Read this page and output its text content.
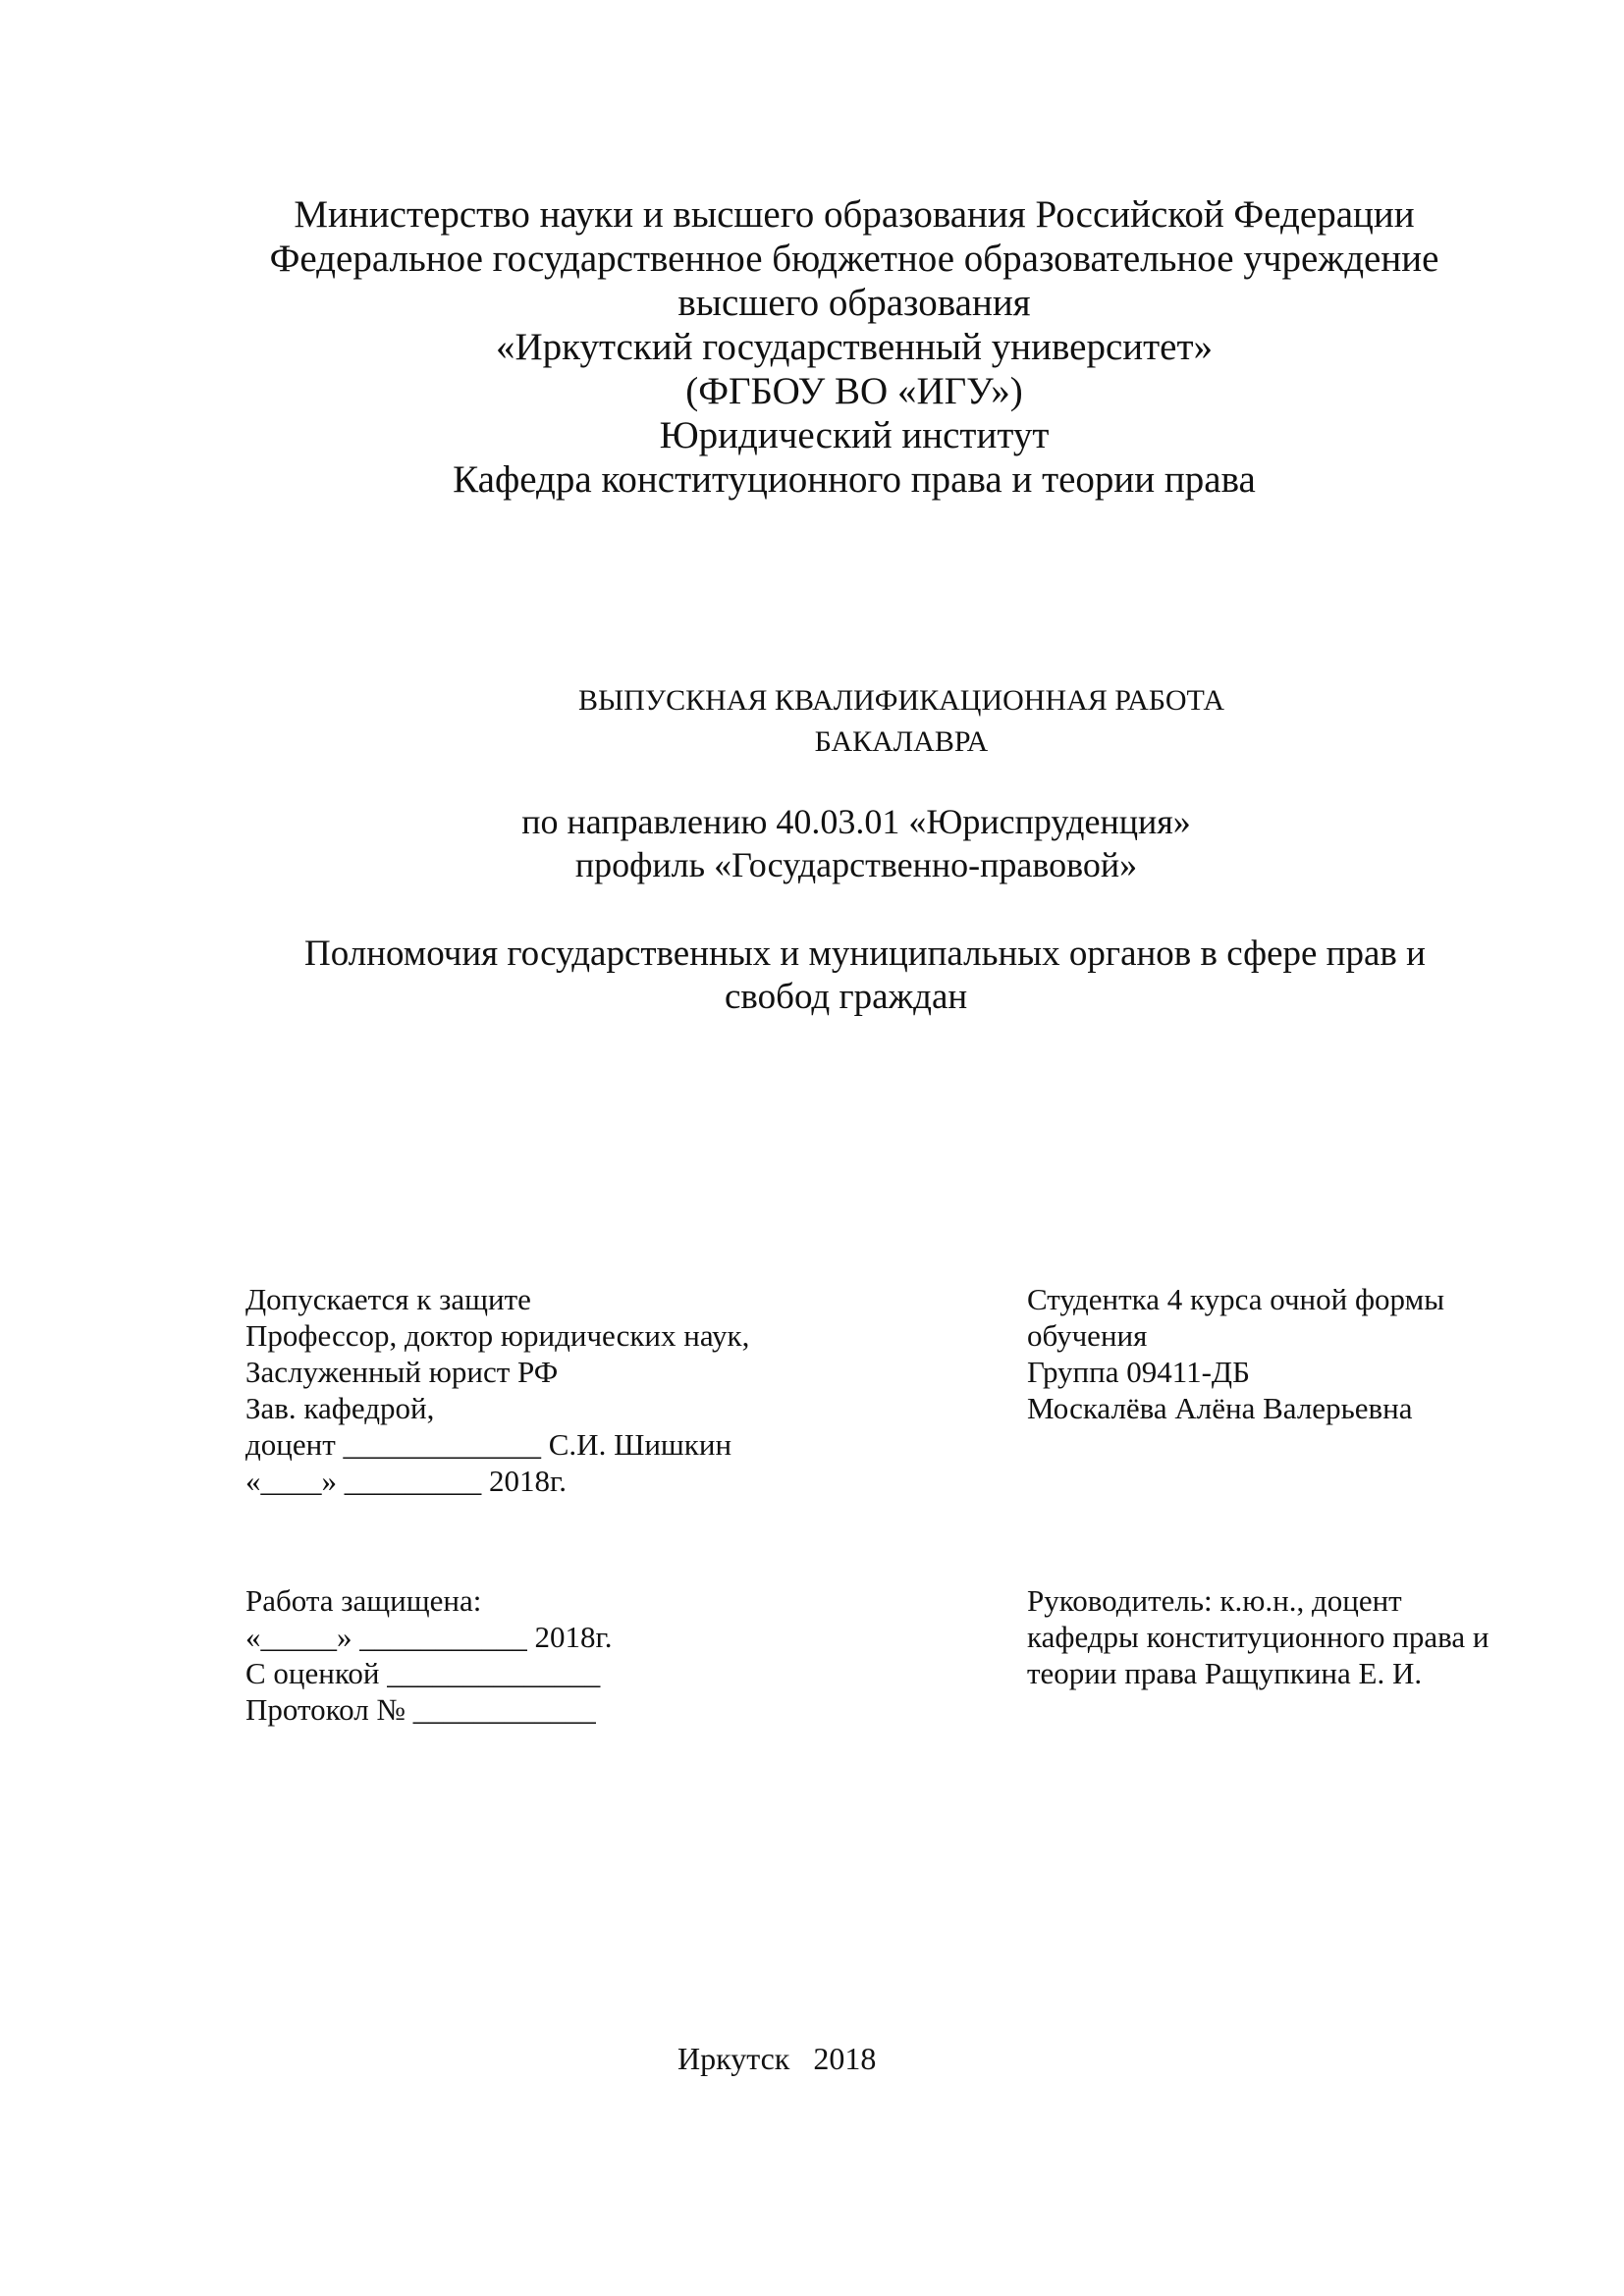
Министерство науки и высшего образования Российской Федерации
Федеральное государственное бюджетное образовательное учреждение
высшего образования
«Иркутский государственный университет»
(ФГБОУ ВО «ИГУ»)
Юридический институт
Кафедра конституционного права и теории права
ВЫПУСКНАЯ КВАЛИФИКАЦИОННАЯ РАБОТА
БАКАЛАВРА
по направлению 40.03.01 «Юриспруденция»
профиль «Государственно-правовой»
Полномочия государственных и муниципальных органов в сфере прав и
свобод граждан
Допускается к защите
Профессор, доктор юридических наук,
Заслуженный юрист РФ
Зав. кафедрой,
доцент _____________ С.И. Шишкин
«____» _________ 2018г.
Студентка 4 курса очной формы
обучения
Группа 09411-ДБ
Москалёва Алёна Валерьевна
Работа защищена:
«_____» ___________ 2018г.
С оценкой ______________
Протокол № ____________
Руководитель: к.ю.н., доцент
кафедры конституционного права и
теории права Ращупкина Е. И.
Иркутск   2018
